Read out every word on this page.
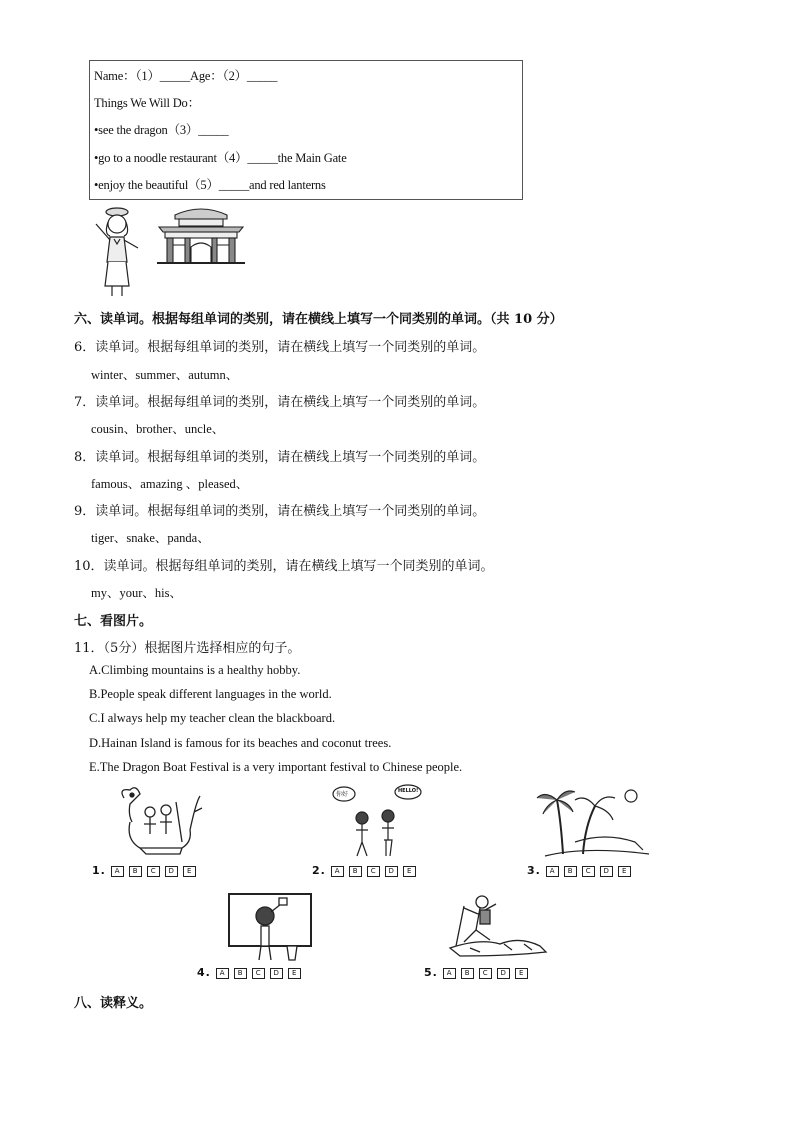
Name：（1）_____Age：（2）_____
Things We Will Do：
•see the dragon（3）_____
•go to a noodle restaurant（4）_____the Main Gate
•enjoy the beautiful（5）_____and red lanterns
六、读单词。根据每组单词的类别，请在横线上填写一个同类别的单词。（共 10 分）
6．读单词。根据每组单词的类别，请在横线上填写一个同类别的单词。
winter、summer、autumn、
7．读单词。根据每组单词的类别，请在横线上填写一个同类别的单词。
cousin、brother、uncle、
8．读单词。根据每组单词的类别，请在横线上填写一个同类别的单词。
famous、amazing 、pleased、
9．读单词。根据每组单词的类别，请在横线上填写一个同类别的单词。
tiger、snake、panda、
10．读单词。根据每组单词的类别，请在横线上填写一个同类别的单词。
my、your、his、
七、看图片。
11．（5分）根据图片选择相应的句子。
A.Climbing mountains is a healthy hobby.
B.People speak different languages in the world.
C.I always help my teacher clean the blackboard.
D.Hainan Island is famous for its beaches and coconut trees.
E.The Dragon Boat Festival is a very important festival to Chinese people.
1. A B C D E
你好	HELLO!
2. A B C D E	3. A B C D E
4. A B C D E	5. A B C D E
八、读释义。
